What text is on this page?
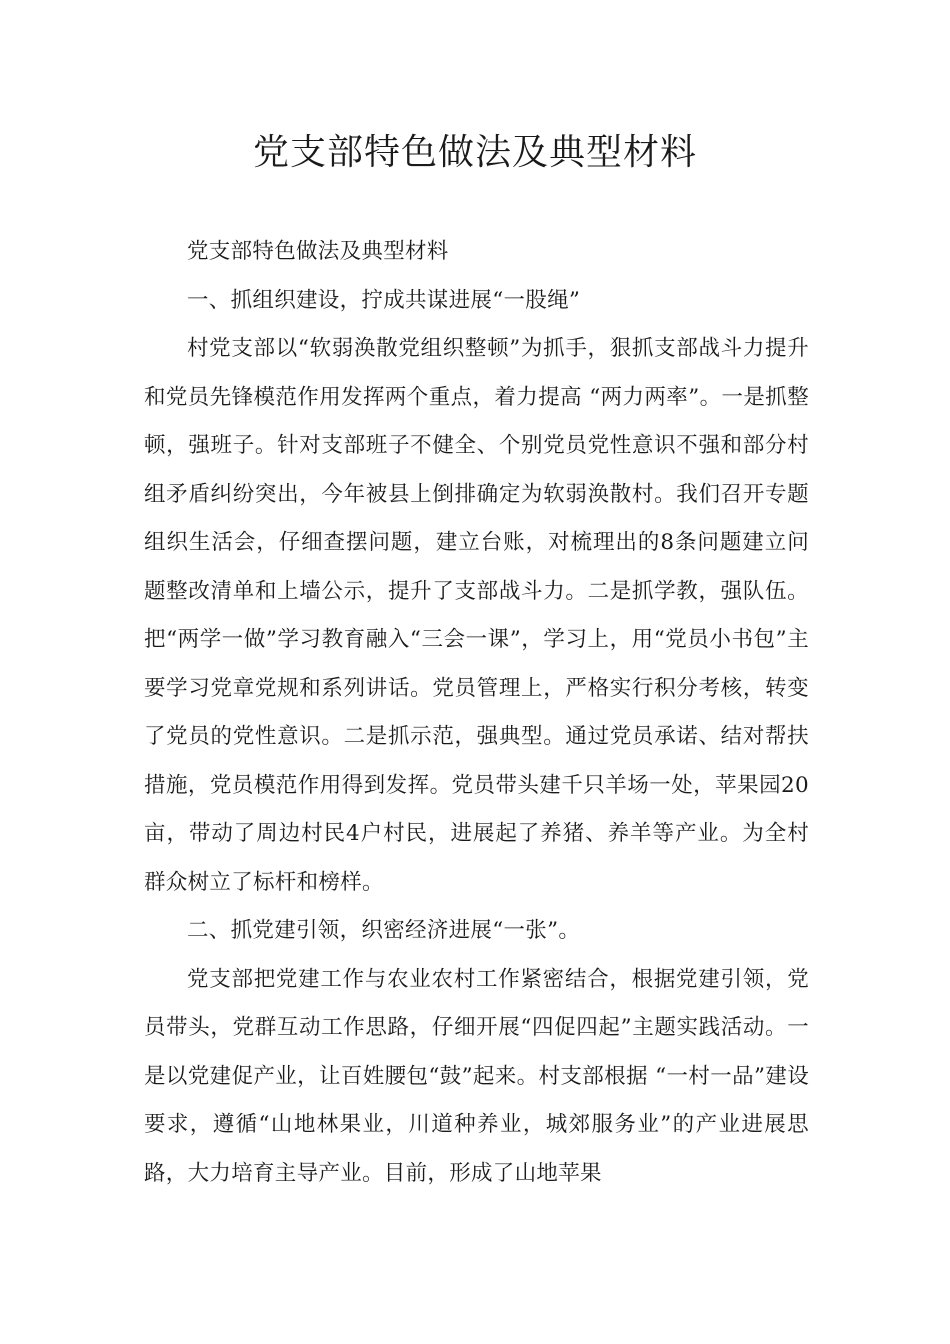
党支部特色做法及典型材料

党支部特色做法及典型材料

一、抓组织建设，拧成共谋进展“一股绳”

村党支部以“软弱涣散党组织整顿”为抓手，狠抓支部战斗力提升和党员先锋模范作用发挥两个重点，着力提高 “两力两率”。一是抓整顿，强班子。针对支部班子不健全、个别党员党性意识不强和部分村组矛盾纠纷突出，今年被县上倒排确定为软弱涣散村。我们召开专题组织生活会，仔细查摆问题，建立台账，对梳理出的8条问题建立问题整改清单和上墙公示，提升了支部战斗力。二是抓学教，强队伍。把“两学一做”学习教育融入“三会一课”，学习上，用“党员小书包”主要学习党章党规和系列讲话。党员管理上，严格实行积分考核，转变了党员的党性意识。二是抓示范，强典型。通过党员承诺、结对帮扶措施，党员模范作用得到发挥。党员带头建千只羊场一处，苹果园20亩，带动了周边村民4户村民，进展起了养猪、养羊等产业。为全村群众树立了标杆和榜样。

二、抓党建引领，织密经济进展“一张”。

党支部把党建工作与农业农村工作紧密结合，根据党建引领，党员带头，党群互动工作思路，仔细开展“四促四起”主题实践活动。一是以党建促产业，让百姓腰包“鼓”起来。村支部根据 “一村一品”建设要求，遵循“山地林果业，川道种养业，城郊服务业”的产业进展思路，大力培育主导产业。目前，形成了山地苹果
